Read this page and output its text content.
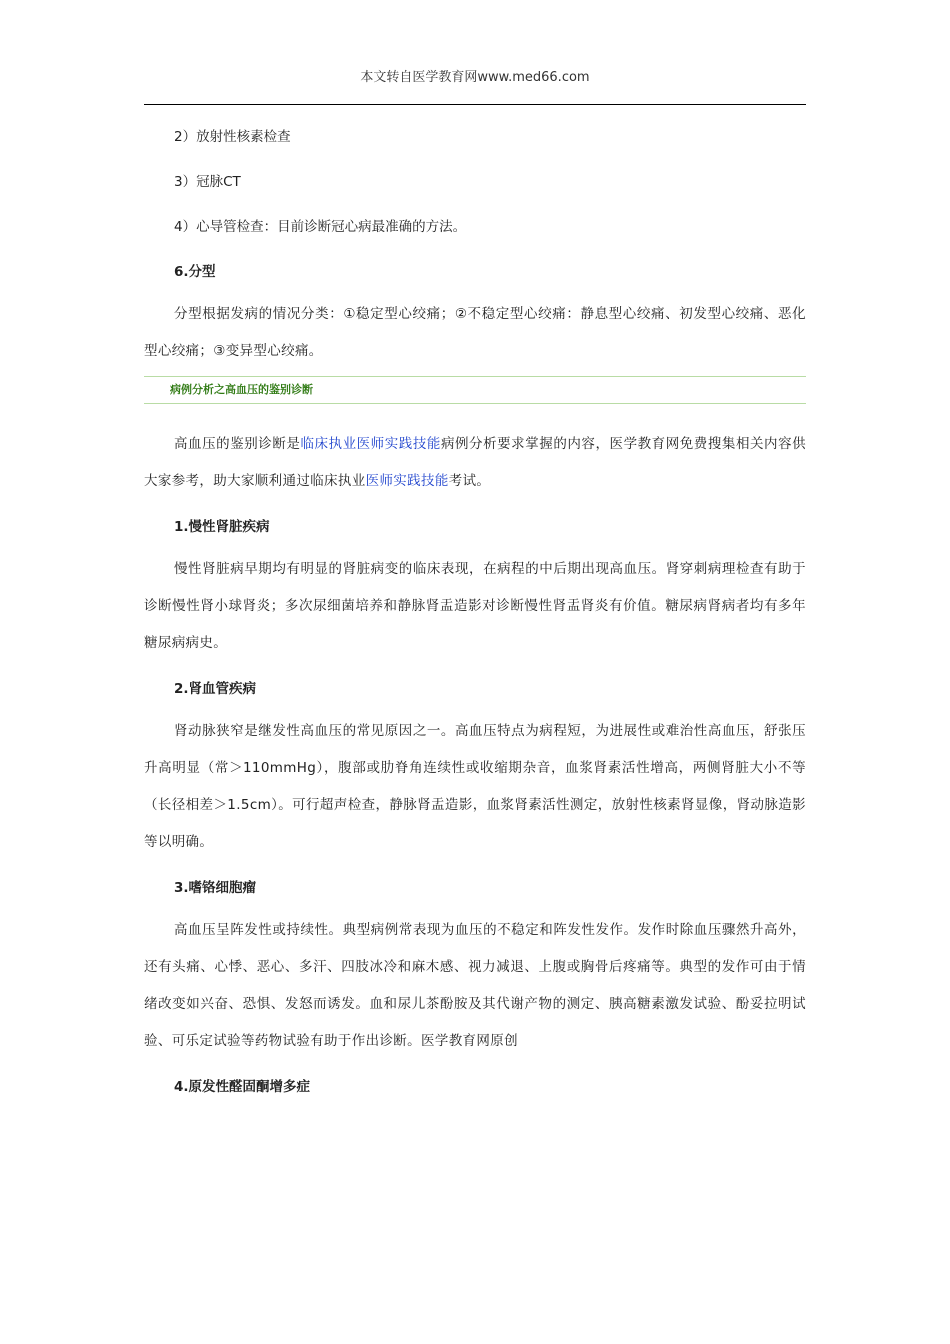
本文转自医学教育网www.med66.com

2）放射性核素检查

3）冠脉CT

4）心导管检查：目前诊断冠心病最准确的方法。

6.分型

分型根据发病的情况分类：①稳定型心绞痛；②不稳定型心绞痛：静息型心绞痛、初发型心绞痛、恶化型心绞痛；③变异型心绞痛。

病例分析之高血压的鉴别诊断

高血压的鉴别诊断是临床执业医师实践技能病例分析要求掌握的内容，医学教育网免费搜集相关内容供大家参考，助大家顺利通过临床执业医师实践技能考试。

1.慢性肾脏疾病

慢性肾脏病早期均有明显的肾脏病变的临床表现，在病程的中后期出现高血压。肾穿刺病理检查有助于诊断慢性肾小球肾炎；多次尿细菌培养和静脉肾盂造影对诊断慢性肾盂肾炎有价值。糖尿病肾病者均有多年糖尿病病史。

2.肾血管疾病

肾动脉狭窄是继发性高血压的常见原因之一。高血压特点为病程短，为进展性或难治性高血压，舒张压升高明显（常＞110mmHg），腹部或肋脊角连续性或收缩期杂音，血浆肾素活性增高，两侧肾脏大小不等（长径相差＞1.5cm）。可行超声检查，静脉肾盂造影，血浆肾素活性测定，放射性核素肾显像，肾动脉造影等以明确。

3.嗜铬细胞瘤

高血压呈阵发性或持续性。典型病例常表现为血压的不稳定和阵发性发作。发作时除血压骤然升高外，还有头痛、心悸、恶心、多汗、四肢冰冷和麻木感、视力减退、上腹或胸骨后疼痛等。典型的发作可由于情绪改变如兴奋、恐惧、发怒而诱发。血和尿儿茶酚胺及其代谢产物的测定、胰高糖素激发试验、酚妥拉明试验、可乐定试验等药物试验有助于作出诊断。医学教育网原创

4.原发性醛固酮增多症
